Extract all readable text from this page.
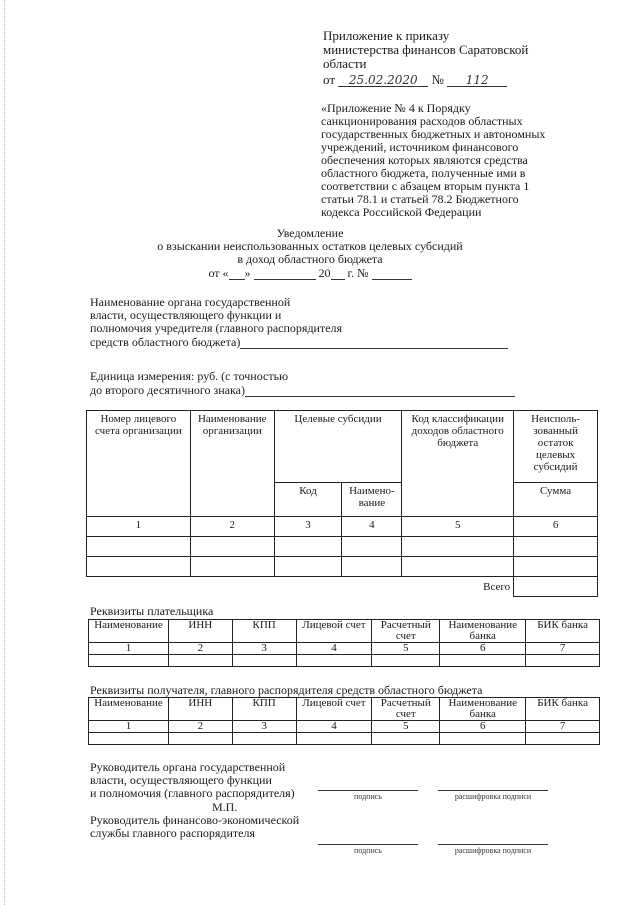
Приложение к приказу
министерства финансов Саратовской
области
от 25.02.2020 № 112
«Приложение № 4 к Порядку
санкционирования расходов областных
государственных бюджетных и автономных
учреждений, источником финансового
обеспечения которых являются средства
областного бюджета, полученные ими в
соответствии с абзацем вторым пункта 1
статьи 78.1 и статьей 78.2 Бюджетного
кодекса Российской Федерации
Уведомление
о взыскании неиспользованных остатков целевых субсидий
в доход областного бюджета
от « »	20 г. №
Наименование органа государственной
власти, осуществляющего функции и
полномочия учредителя (главного распорядителя
средств областного бюджета)
Единица измерения: руб. (с точностью
до второго десятичного знака)
Номер лицевого счета организации	Наименование организации	Целевые субсидии		Код классификации доходов областного бюджета	Неисполь-зованный остаток целевых субсидий
		Код	Наимено-вание		Сумма
1	2	3	4	5	6

Всего					
Реквизиты плательщика
Наименование	ИНН	КПП	Лицевой счет	Расчетный счет	Наименование банка	БИК банка
1	2	3	4	5	6	7

Реквизиты получателя, главного распорядителя средств областного бюджета
Наименование	ИНН	КПП	Лицевой счет	Расчетный счет	Наименование банка	БИК банка
1	2	3	4	5	6	7

Руководитель органа государственной
власти, осуществляющего функции
и полномочия (главного распорядителя)	подпись	расшифровка подписи
М.П.
Руководитель финансово-экономической
службы главного распорядителя
подпись	расшифровка подписи
